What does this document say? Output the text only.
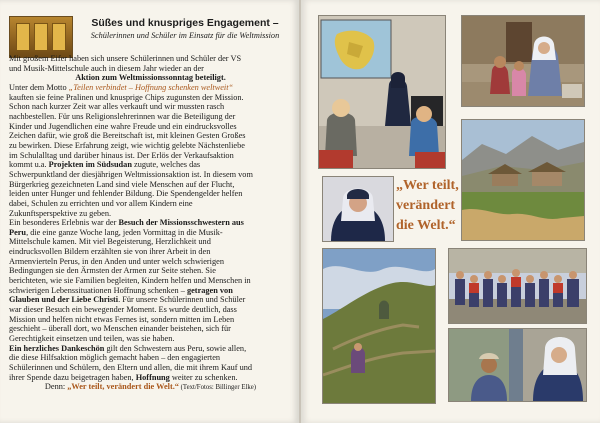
Süßes und knuspriges Engagement –
Schülerinnen und Schüler im Einsatz für die Weltmission

Mit großem Eifer haben sich unsere Schülerinnen und Schüler der VS

und Musik-Mittelschule auch in diesem Jahr wieder an der

Aktion zum Weltmissionssonntag beteiligt.

Unter dem Motto „Teilen verbindet – Hoffnung schenken weltweit“

kauften sie feine Pralinen und knusprige Chips zugunsten der Mission.

Schon nach kurzer Zeit war alles verkauft und wir mussten rasch

nachbestellen. Für uns Religionslehrerinnen war die Beteiligung der

Kinder und Jugendlichen eine wahre Freude und ein eindrucksvolles

Zeichen dafür, wie groß die Bereitschaft ist, mit kleinen Gesten Großes

zu bewirken. Diese Erfahrung zeigt, wie wichtig gelebte Nächstenliebe

im Schulalltag und darüber hinaus ist. Der Erlös der Verkaufsaktion

kommt u.a. Projekten im Südsudan zugute, welches das

Schwerpunktland der diesjährigen Weltmissionsaktion ist. In diesem vom

Bürgerkrieg gezeichneten Land sind viele Menschen auf der Flucht,

leiden unter Hunger und fehlender Bildung. Die Spendengelder helfen

dabei, Schulen zu errichten und vor allem Kindern eine

Zukunftsperspektive zu geben.

Ein besonderes Erlebnis war der Besuch der Missionsschwestern aus

Peru, die eine ganze Woche lang, jeden Vormittag in die Musik-

Mittelschule kamen. Mit viel Begeisterung, Herzlichkeit und

eindrucksvollen Bildern erzählten sie von ihrer Arbeit in den

Armenvierteln Perus, in den Anden und unter welch schwierigen

Bedingungen sie den Ärmsten der Armen zur Seite stehen. Sie

berichteten, wie sie Familien begleiten, Kindern helfen und Menschen in

schwierigen Lebenssituationen Hoffnung schenken – getragen von

Glauben und der Liebe Christi. Für unsere Schülerinnen und Schüler

war dieser Besuch ein bewegender Moment. Es wurde deutlich, dass

Mission und helfen nicht etwas Fernes ist, sondern mitten im Leben

geschieht – überall dort, wo Menschen einander beistehen, sich für

Gerechtigkeit einsetzen und teilen, was sie haben.

Ein herzliches Dankeschön gilt den Schwestern aus Peru, sowie allen,

die diese Hilfsaktion möglich gemacht haben – den engagierten

Schülerinnen und Schülern, den Eltern und allen, die mit ihrem Kauf und

ihrer Spende dazu beigetragen haben, Hoffnung weiter zu schenken.

Denn: „Wer teilt, verändert die Welt.“ (Text/Fotos: Billinger Elke)

„Wer teilt,
verändert
die Welt.“
